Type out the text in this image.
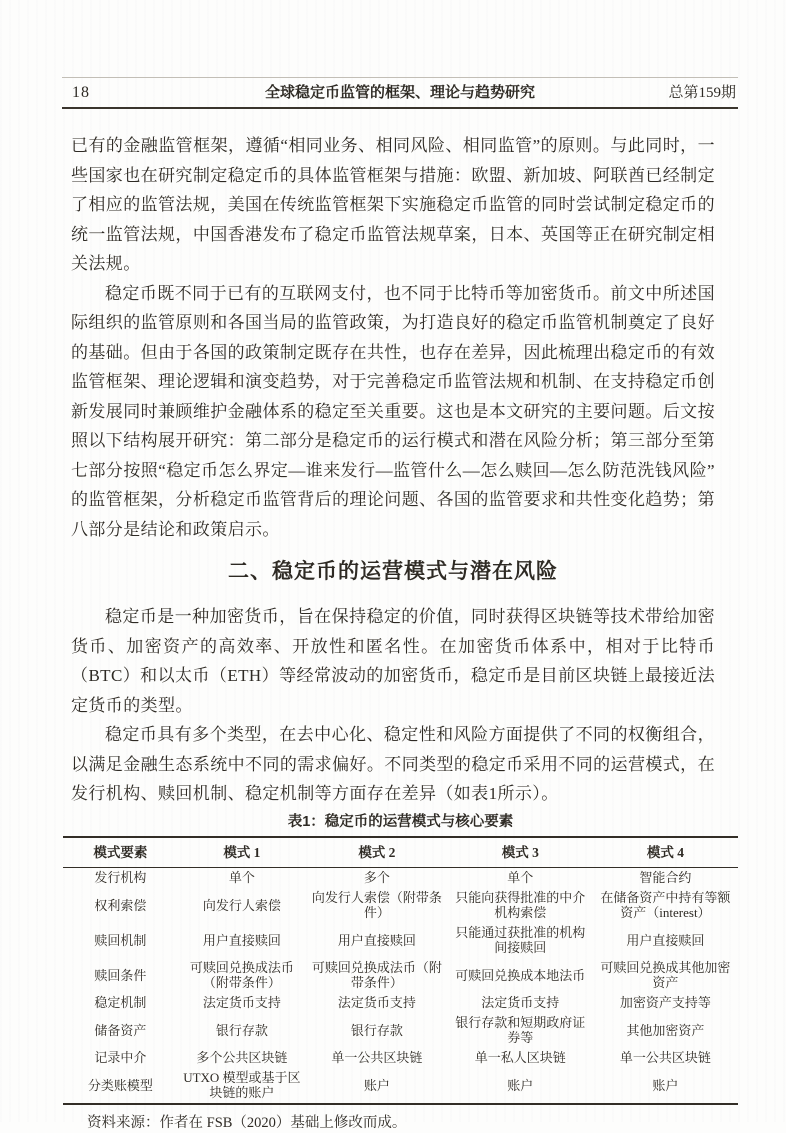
18	全球稳定币监管的框架、理论与趋势研究	总第159期

已有的金融监管框架，遵循“相同业务、相同风险、相同监管”的原则。与此同时，一些国家也在研究制定稳定币的具体监管框架与措施：欧盟、新加坡、阿联酋已经制定了相应的监管法规，美国在传统监管框架下实施稳定币监管的同时尝试制定稳定币的统一监管法规，中国香港发布了稳定币监管法规草案，日本、英国等正在研究制定相关法规。

稳定币既不同于已有的互联网支付，也不同于比特币等加密货币。前文中所述国际组织的监管原则和各国当局的监管政策，为打造良好的稳定币监管机制奠定了良好的基础。但由于各国的政策制定既存在共性，也存在差异，因此梳理出稳定币的有效监管框架、理论逻辑和演变趋势，对于完善稳定币监管法规和机制、在支持稳定币创新发展同时兼顾维护金融体系的稳定至关重要。这也是本文研究的主要问题。后文按照以下结构展开研究：第二部分是稳定币的运行模式和潜在风险分析；第三部分至第七部分按照“稳定币怎么界定—谁来发行—监管什么—怎么赎回—怎么防范洗钱风险”的监管框架，分析稳定币监管背后的理论问题、各国的监管要求和共性变化趋势；第八部分是结论和政策启示。

二、稳定币的运营模式与潜在风险

稳定币是一种加密货币，旨在保持稳定的价值，同时获得区块链等技术带给加密货币、加密资产的高效率、开放性和匿名性。在加密货币体系中，相对于比特币（BTC）和以太币（ETH）等经常波动的加密货币，稳定币是目前区块链上最接近法定货币的类型。

稳定币具有多个类型，在去中心化、稳定性和风险方面提供了不同的权衡组合，以满足金融生态系统中不同的需求偏好。不同类型的稳定币采用不同的运营模式，在发行机构、赎回机制、稳定机制等方面存在差异（如表1所示）。

表1：稳定币的运营模式与核心要素
模式要素	模式 1	模式 2	模式 3	模式 4
发行机构	单个	多个	单个	智能合约
权利索偿	向发行人索偿	向发行人索偿（附带条件）	只能向获得批准的中介机构索偿	在储备资产中持有等额资产（interest）
赎回机制	用户直接赎回	用户直接赎回	只能通过获批准的机构间接赎回	用户直接赎回
赎回条件	可赎回兑换成法币（附带条件）	可赎回兑换成法币（附带条件）	可赎回兑换成本地法币	可赎回兑换成其他加密资产
稳定机制	法定货币支持	法定货币支持	法定货币支持	加密资产支持等
储备资产	银行存款	银行存款	银行存款和短期政府证券等	其他加密资产
记录中介	多个公共区块链	单一公共区块链	单一私人区块链	单一公共区块链
分类账模型	UTXO 模型或基于区块链的账户	账户	账户	账户

资料来源：作者在 FSB（2020）基础上修改而成。
